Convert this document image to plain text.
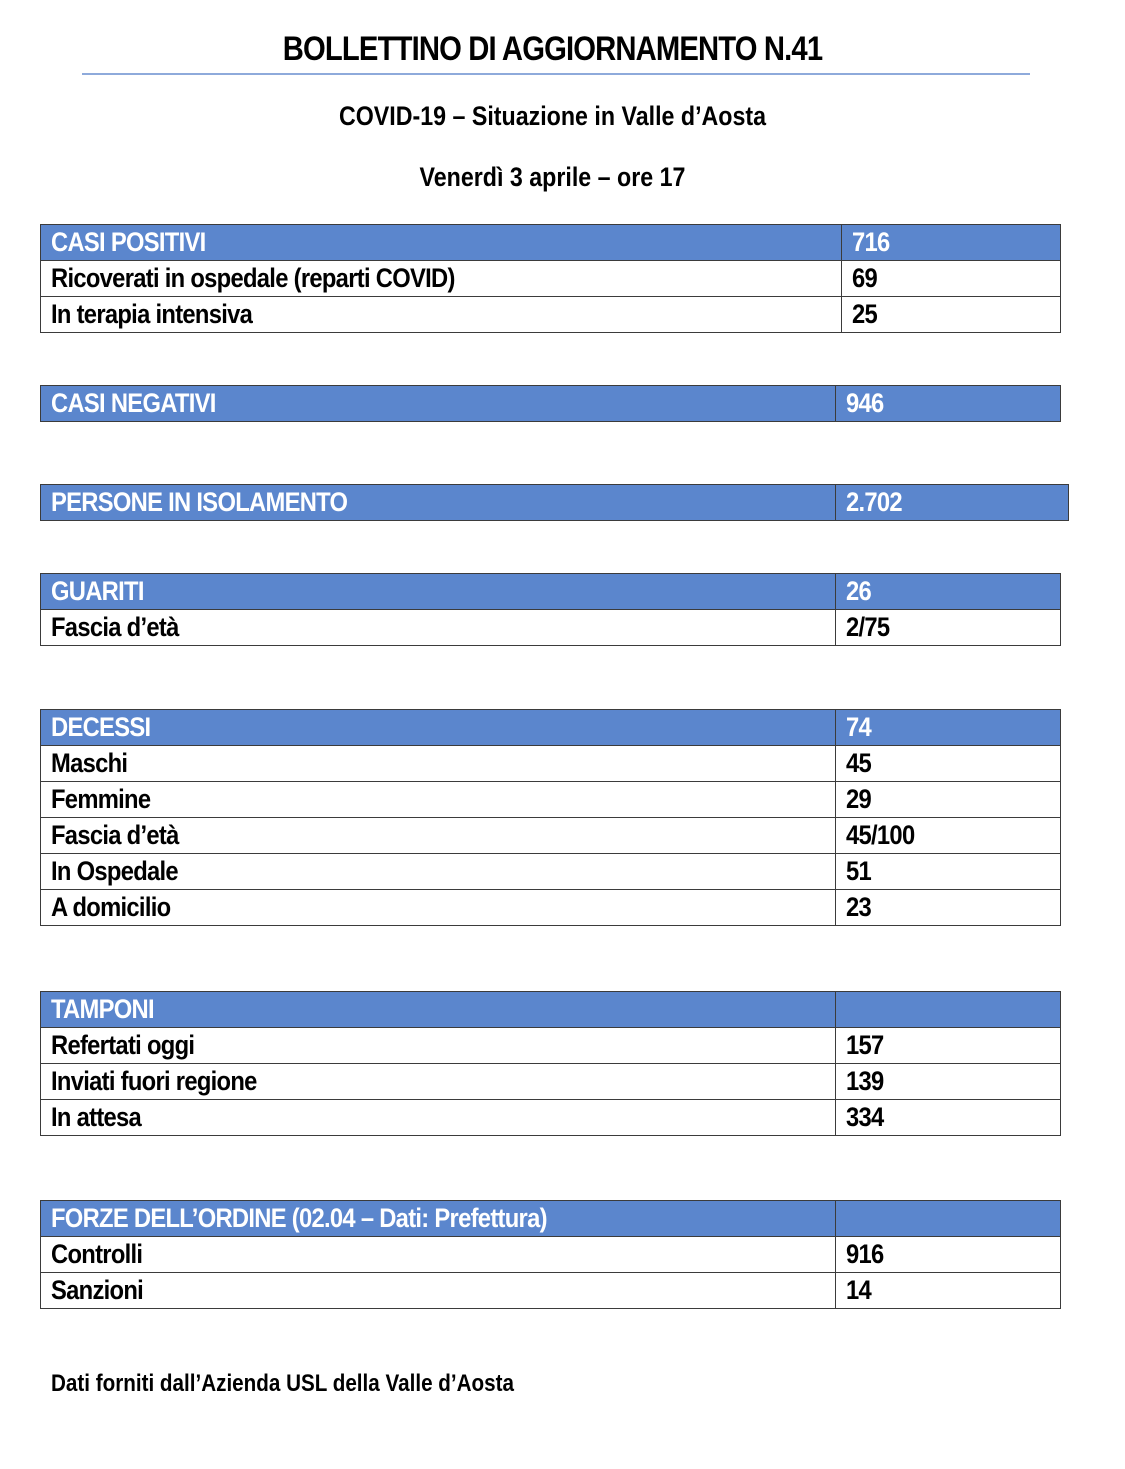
BOLLETTINO DI AGGIORNAMENTO N.41
COVID-19 – Situazione in Valle d’Aosta
Venerdì 3 aprile – ore 17
CASI POSITIVI	716
Ricoverati in ospedale (reparti COVID)	69
In terapia intensiva	25
CASI NEGATIVI	946
PERSONE IN ISOLAMENTO	2.702
GUARITI	26
Fascia d’età	2/75
DECESSI	74
Maschi	45
Femmine	29
Fascia d’età	45/100
In Ospedale	51
A domicilio	23
TAMPONI	
Refertati oggi	157
Inviati fuori regione	139
In attesa	334
FORZE DELL’ORDINE (02.04 – Dati: Prefettura)	
Controlli	916
Sanzioni	14
Dati forniti dall’Azienda USL della Valle d’Aosta
